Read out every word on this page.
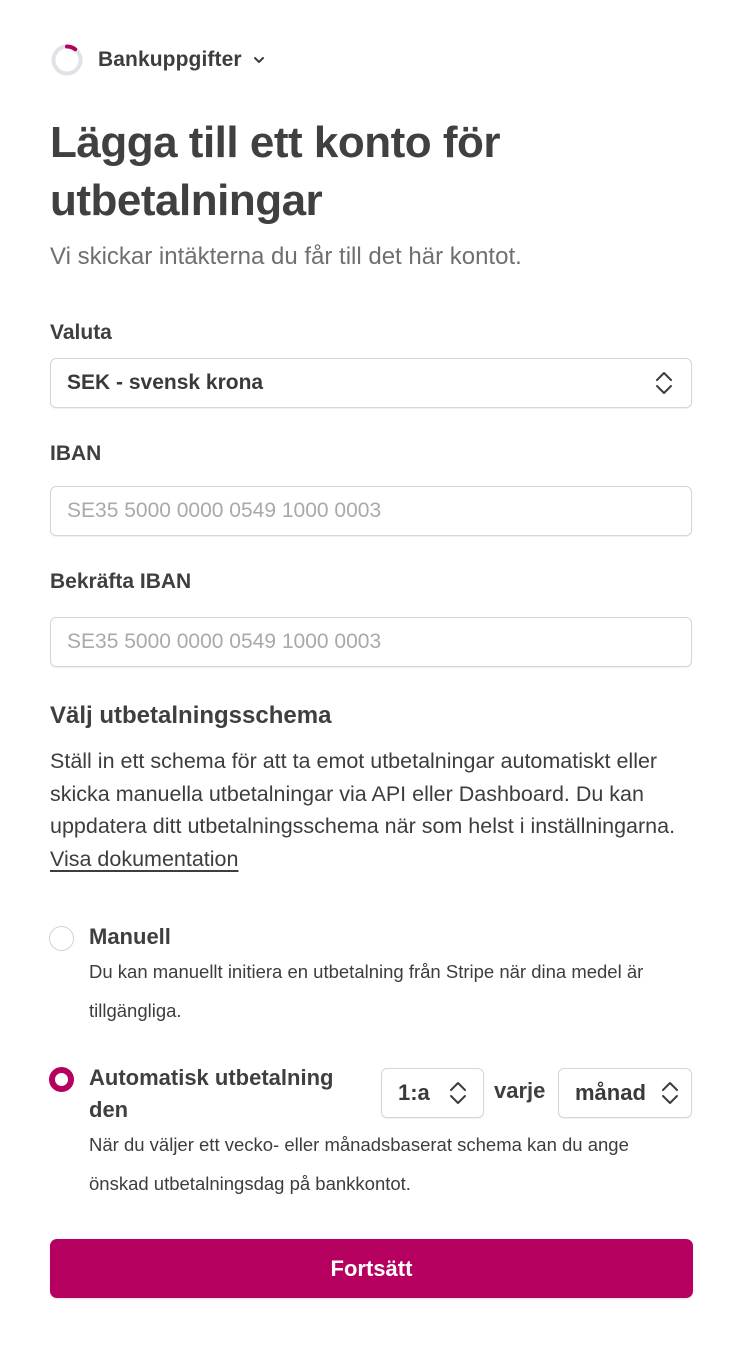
Bankuppgifter
Lägga till ett konto för utbetalningar

Vi skickar intäkterna du får till det här kontot.

Valuta
SEK - svensk krona
IBAN
SE35 5000 0000 0549 1000 0003
Bekräfta IBAN
SE35 5000 0000 0549 1000 0003
Välj utbetalningsschema

Ställ in ett schema för att ta emot utbetalningar automatiskt eller skicka manuella utbetalningar via API eller Dashboard. Du kan uppdatera ditt utbetalningsschema när som helst i inställningarna. Visa dokumentation

Manuell
Du kan manuellt initiera en utbetalning från Stripe när dina medel är tillgängliga.
Automatisk utbetalning den
1:a	varje månad
När du väljer ett vecko- eller månadsbaserat schema kan du ange önskad utbetalningsdag på bankkontot.
Fortsätt
